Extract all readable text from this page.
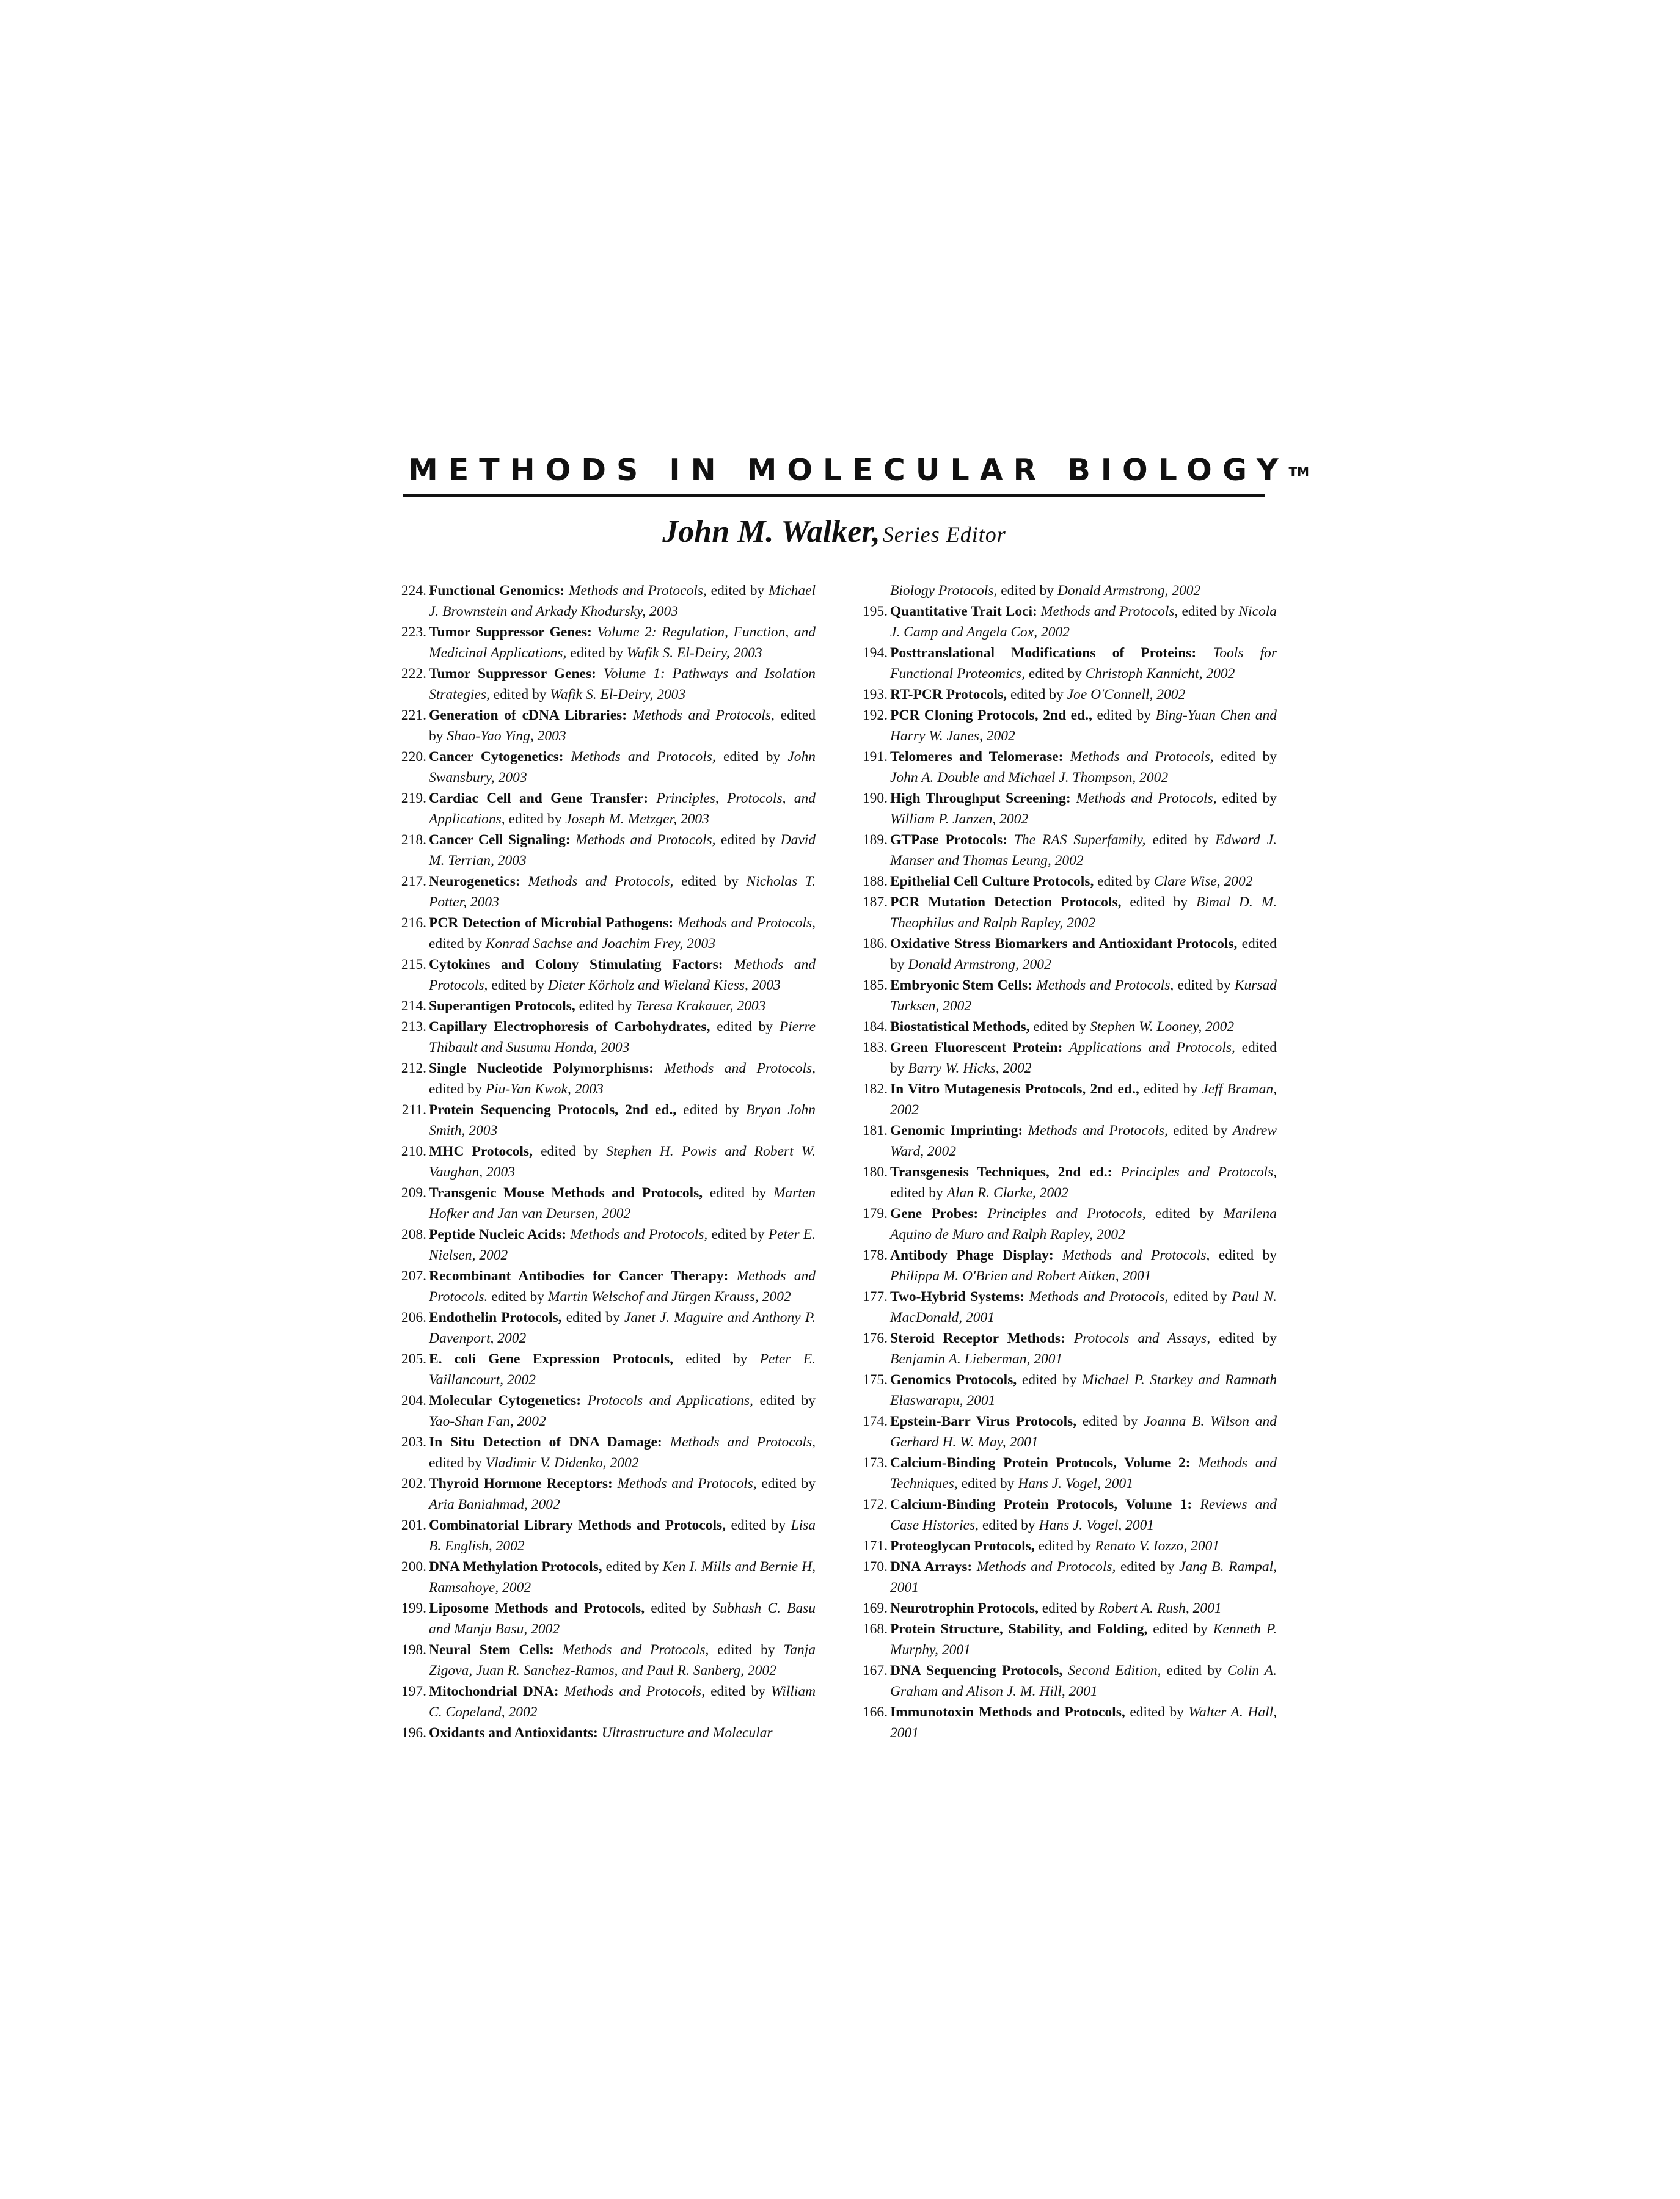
METHODS IN MOLECULAR BIOLOGY™
John M. Walker, Series Editor

224. Functional Genomics: Methods and Protocols, edited by Michael J. Brownstein and Arkady Khodursky, 2003

223. Tumor Suppressor Genes: Volume 2: Regulation, Function, and Medicinal Applications, edited by Wafik S. El-Deiry, 2003

222. Tumor Suppressor Genes: Volume 1: Pathways and Isolation Strategies, edited by Wafik S. El-Deiry, 2003

221. Generation of cDNA Libraries: Methods and Protocols, edited by Shao-Yao Ying, 2003

220. Cancer Cytogenetics: Methods and Protocols, edited by John Swansbury, 2003

219. Cardiac Cell and Gene Transfer: Principles, Protocols, and Applications, edited by Joseph M. Metzger, 2003

218. Cancer Cell Signaling: Methods and Protocols, edited by David M. Terrian, 2003

217. Neurogenetics: Methods and Protocols, edited by Nicholas T. Potter, 2003

216. PCR Detection of Microbial Pathogens: Methods and Protocols, edited by Konrad Sachse and Joachim Frey, 2003

215. Cytokines and Colony Stimulating Factors: Methods and Protocols, edited by Dieter Körholz and Wieland Kiess, 2003

214. Superantigen Protocols, edited by Teresa Krakauer, 2003

213. Capillary Electrophoresis of Carbohydrates, edited by Pierre Thibault and Susumu Honda, 2003

212. Single Nucleotide Polymorphisms: Methods and Protocols, edited by Piu-Yan Kwok, 2003

211. Protein Sequencing Protocols, 2nd ed., edited by Bryan John Smith, 2003

210. MHC Protocols, edited by Stephen H. Powis and Robert W. Vaughan, 2003

209. Transgenic Mouse Methods and Protocols, edited by Marten Hofker and Jan van Deursen, 2002

208. Peptide Nucleic Acids: Methods and Protocols, edited by Peter E. Nielsen, 2002

207. Recombinant Antibodies for Cancer Therapy: Methods and Protocols. edited by Martin Welschof and Jürgen Krauss, 2002

206. Endothelin Protocols, edited by Janet J. Maguire and Anthony P. Davenport, 2002

205. E. coli Gene Expression Protocols, edited by Peter E. Vaillancourt, 2002

204. Molecular Cytogenetics: Protocols and Applications, edited by Yao-Shan Fan, 2002

203. In Situ Detection of DNA Damage: Methods and Protocols, edited by Vladimir V. Didenko, 2002

202. Thyroid Hormone Receptors: Methods and Protocols, edited by Aria Baniahmad, 2002

201. Combinatorial Library Methods and Protocols, edited by Lisa B. English, 2002

200. DNA Methylation Protocols, edited by Ken I. Mills and Bernie H, Ramsahoye, 2002

199. Liposome Methods and Protocols, edited by Subhash C. Basu and Manju Basu, 2002

198. Neural Stem Cells: Methods and Protocols, edited by Tanja Zigova, Juan R. Sanchez-Ramos, and Paul R. Sanberg, 2002

197. Mitochondrial DNA: Methods and Protocols, edited by William C. Copeland, 2002

196. Oxidants and Antioxidants: Ultrastructure and Molecular

Biology Protocols, edited by Donald Armstrong, 2002

195. Quantitative Trait Loci: Methods and Protocols, edited by Nicola J. Camp and Angela Cox, 2002

194. Posttranslational Modifications of Proteins: Tools for Functional Proteomics, edited by Christoph Kannicht, 2002

193. RT-PCR Protocols, edited by Joe O'Connell, 2002

192. PCR Cloning Protocols, 2nd ed., edited by Bing-Yuan Chen and Harry W. Janes, 2002

191. Telomeres and Telomerase: Methods and Protocols, edited by John A. Double and Michael J. Thompson, 2002

190. High Throughput Screening: Methods and Protocols, edited by William P. Janzen, 2002

189. GTPase Protocols: The RAS Superfamily, edited by Edward J. Manser and Thomas Leung, 2002

188. Epithelial Cell Culture Protocols, edited by Clare Wise, 2002

187. PCR Mutation Detection Protocols, edited by Bimal D. M. Theophilus and Ralph Rapley, 2002

186. Oxidative Stress Biomarkers and Antioxidant Protocols, edited by Donald Armstrong, 2002

185. Embryonic Stem Cells: Methods and Protocols, edited by Kursad Turksen, 2002

184. Biostatistical Methods, edited by Stephen W. Looney, 2002

183. Green Fluorescent Protein: Applications and Protocols, edited by Barry W. Hicks, 2002

182. In Vitro Mutagenesis Protocols, 2nd ed., edited by Jeff Braman, 2002

181. Genomic Imprinting: Methods and Protocols, edited by Andrew Ward, 2002

180. Transgenesis Techniques, 2nd ed.: Principles and Protocols, edited by Alan R. Clarke, 2002

179. Gene Probes: Principles and Protocols, edited by Marilena Aquino de Muro and Ralph Rapley, 2002

178. Antibody Phage Display: Methods and Protocols, edited by Philippa M. O'Brien and Robert Aitken, 2001

177. Two-Hybrid Systems: Methods and Protocols, edited by Paul N. MacDonald, 2001

176. Steroid Receptor Methods: Protocols and Assays, edited by Benjamin A. Lieberman, 2001

175. Genomics Protocols, edited by Michael P. Starkey and Ramnath Elaswarapu, 2001

174. Epstein-Barr Virus Protocols, edited by Joanna B. Wilson and Gerhard H. W. May, 2001

173. Calcium-Binding Protein Protocols, Volume 2: Methods and Techniques, edited by Hans J. Vogel, 2001

172. Calcium-Binding Protein Protocols, Volume 1: Reviews and Case Histories, edited by Hans J. Vogel, 2001

171. Proteoglycan Protocols, edited by Renato V. Iozzo, 2001

170. DNA Arrays: Methods and Protocols, edited by Jang B. Rampal, 2001

169. Neurotrophin Protocols, edited by Robert A. Rush, 2001

168. Protein Structure, Stability, and Folding, edited by Kenneth P. Murphy, 2001

167. DNA Sequencing Protocols, Second Edition, edited by Colin A. Graham and Alison J. M. Hill, 2001

166. Immunotoxin Methods and Protocols, edited by Walter A. Hall, 2001
